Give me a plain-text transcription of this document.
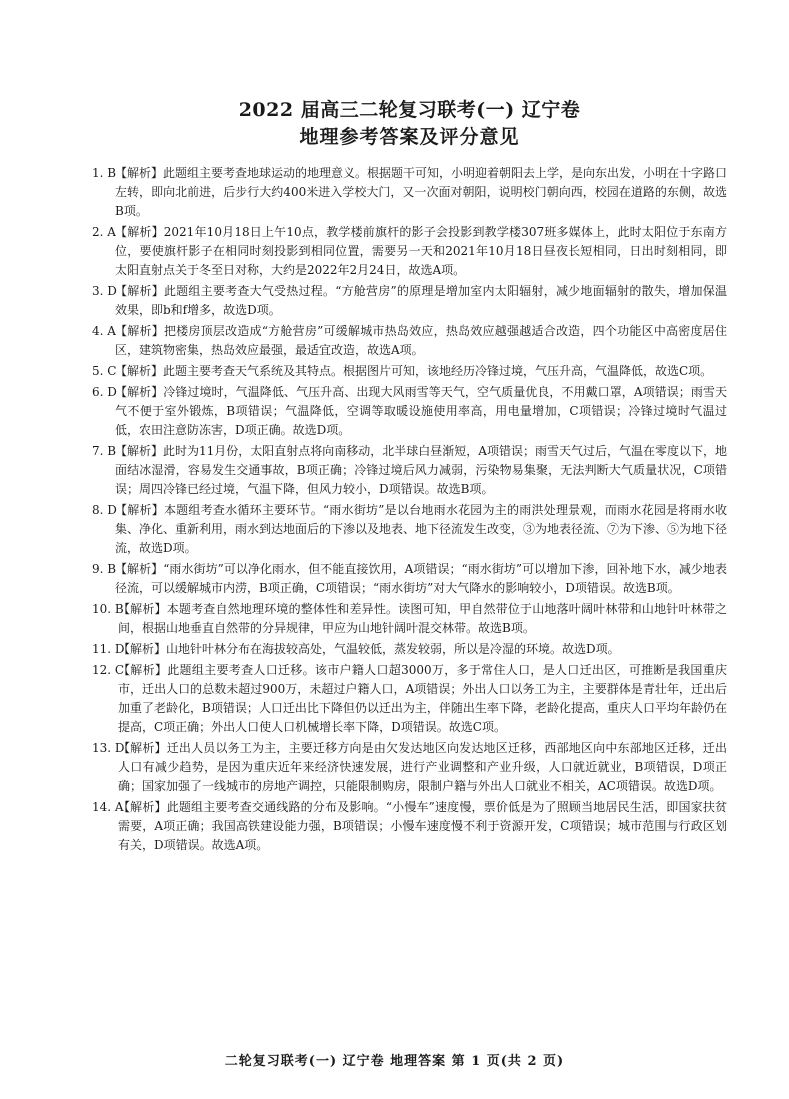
2022 届高三二轮复习联考(一) 辽宁卷
地理参考答案及评分意见
1. B
【解析】此题组主要考查地球运动的地理意义。根据题干可知，小明迎着朝阳去上学，是向东出发，小明在十字路口左转，即向北前进，后步行大约400米进入学校大门，又一次面对朝阳，说明校门朝向西，校园在道路的东侧，故选B项。
2. A 【解析】2021年10月18日上午10点，教学楼前旗杆的影子会投影到教学楼307班多媒体上，此时太阳位于东南方位，要使旗杆影子在相同时刻投影到相同位置，需要另一天和2021年10月18日昼夜长短相同，日出时刻相同，即太阳直射点关于冬至日对称，大约是2022年2月24日，故选A项。
3. D
【解析】此题组主要考查大气受热过程。“方舱营房”的原理是增加室内太阳辐射，减少地面辐射的散失，增加保温效果，即b和f增多，故选D项。
4. A 【解析】把楼房顶层改造成“方舱营房”可缓解城市热岛效应，热岛效应越强越适合改造，四个功能区中高密度居住区，建筑物密集，热岛效应最强，最适宜改造，故选A项。
5. C
【解析】此题主要考查天气系统及其特点。根据图片可知，该地经历冷锋过境，气压升高，气温降低，故选C项。
6. D
【解析】冷锋过境时，气温降低、气压升高、出现大风雨雪等天气，空气质量优良，不用戴口罩，A项错误；雨雪天气不便于室外锻炼，B项错误；气温降低，空调等取暖设施使用率高，用电量增加，C项错误；冷锋过境时气温过低，农田注意防冻害，D项正确。故选D项。
7. B
【解析】此时为11月份，太阳直射点将向南移动，北半球白昼渐短，A项错误；雨雪天气过后，气温在零度以下，地面结冰湿滑，容易发生交通事故，B项正确；冷锋过境后风力减弱，污染物易集聚，无法判断大气质量状况，C项错误；周四冷锋已经过境，气温下降，但风力较小，D项错误。故选B项。
8. D
【解析】本题组考查水循环主要环节。“雨水街坊”是以台地雨水花园为主的雨洪处理景观，而雨水花园是将雨水收集、净化、重新利用，雨水到达地面后的下渗以及地表、地下径流发生改变，③为地表径流、⑦为下渗、⑤为地下径流，故选D项。
9. B
【解析】“雨水街坊”可以净化雨水，但不能直接饮用，A项错误；“雨水街坊”可以增加下渗，回补地下水，减少地表径流，可以缓解城市内涝，B项正确，C项错误；“雨水街坊”对大气降水的影响较小，D项错误。故选B项。
10. B
【解析】本题考查自然地理环境的整体性和差异性。读图可知，甲自然带位于山地落叶阔叶林带和山地针叶林带之间，根据山地垂直自然带的分异规律，甲应为山地针阔叶混交林带。故选B项。
11. D
【解析】山地针叶林分布在海拔较高处，气温较低，蒸发较弱，所以是冷湿的环境。故选D项。
12. C
【解析】此题组主要考查人口迁移。该市户籍人口超3000万，多于常住人口，是人口迁出区，可推断是我国重庆市，迁出人口的总数未超过900万，未超过户籍人口，A项错误；外出人口以务工为主，主要群体是青壮年，迁出后加重了老龄化，B项错误；人口迁出比下降但仍以迁出为主，伴随出生率下降，老龄化提高，重庆人口平均年龄仍在提高，C项正确；外出人口使人口机械增长率下降，D项错误。故选C项。
13. D
【解析】迁出人员以务工为主，主要迁移方向是由欠发达地区向发达地区迁移，西部地区向中东部地区迁移，迁出人口有减少趋势，是因为重庆近年来经济快速发展，进行产业调整和产业升级，人口就近就业，B项错误，D项正确；国家加强了一线城市的房地产调控，只能限制购房，限制户籍与外出人口就业不相关，AC项错误。故选D项。
14. A
【解析】此题组主要考查交通线路的分布及影响。“小慢车”速度慢，票价低是为了照顾当地居民生活，即国家扶贫需要，A项正确；我国高铁建设能力强，B项错误；小慢车速度慢不利于资源开发，C项错误；城市范围与行政区划有关，D项错误。故选A项。
二轮复习联考(一) 辽宁卷 地理答案 第 1 页(共 2 页)
